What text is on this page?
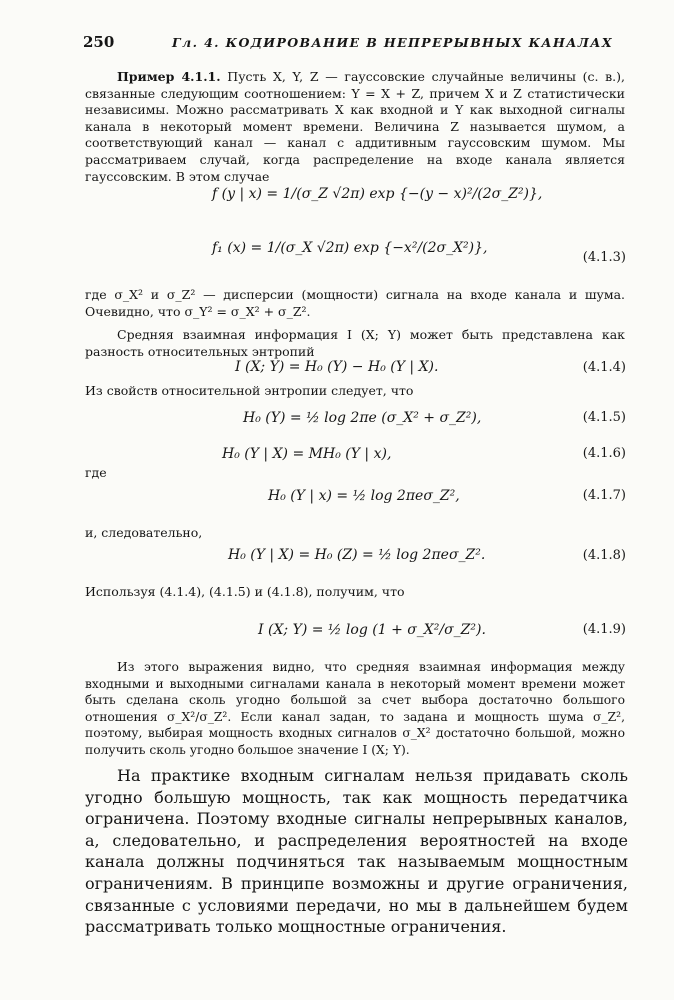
250	Гл. 4. КОДИРОВАНИЕ В НЕПРЕРЫВНЫХ КАНАЛАХ

Пример 4.1.1. Пусть X, Y, Z — гауссовские случайные величины (с. в.), связанные следующим соотношением: Y = X + Z, причем X и Z статистически независимы. Можно рассматривать X как входной и Y как выходной сигналы канала в некоторый момент времени. Величина Z называется шумом, а соответствующий канал — канал с аддитивным гауссовским шумом. Мы рассматриваем случай, когда распределение на входе канала является гауссовским. В этом случае

f (y | x) = 1/(σ_Z √2π) exp {−(y − x)²/(2σ_Z²)},
f₁ (x) = 1/(σ_X √2π) exp {−x²/(2σ_X²)},
(4.1.3)

где σ_X² и σ_Z² — дисперсии (мощности) сигнала на входе канала и шума. Очевидно, что σ_Y² = σ_X² + σ_Z².

Средняя взаимная информация I (X; Y) может быть представлена как разность относительных энтропий

I (X; Y) = H₀ (Y) − H₀ (Y | X).	(4.1.4)

Из свойств относительной энтропии следует, что

H₀ (Y) = ½ log 2πe (σ_X² + σ_Z²),	(4.1.5)
H₀ (Y | X) = MH₀ (Y | x),	(4.1.6)
где
H₀ (Y | x) = ½ log 2πeσ_Z²,	(4.1.7)
и, следовательно,
H₀ (Y | X) = H₀ (Z) = ½ log 2πeσ_Z².	(4.1.8)

Используя (4.1.4), (4.1.5) и (4.1.8), получим, что

I (X; Y) = ½ log (1 + σ_X²/σ_Z²).	(4.1.9)

Из этого выражения видно, что средняя взаимная информация между входными и выходными сигналами канала в некоторый момент времени может быть сделана сколь угодно большой за счет выбора достаточно большого отношения σ_X²/σ_Z². Если канал задан, то задана и мощность шума σ_Z², поэтому, выбирая мощность входных сигналов σ_X² достаточно большой, можно получить сколь угодно большое значение I (X; Y).

На практике входным сигналам нельзя придавать сколь угодно большую мощность, так как мощность передатчика ограничена. Поэтому входные сигналы непрерывных каналов, а, следовательно, и распределения вероятностей на входе канала должны подчиняться так называемым мощностным ограничениям. В принципе возможны и другие ограничения, связанные с условиями передачи, но мы в дальнейшем будем рассматривать только мощностные ограничения.
